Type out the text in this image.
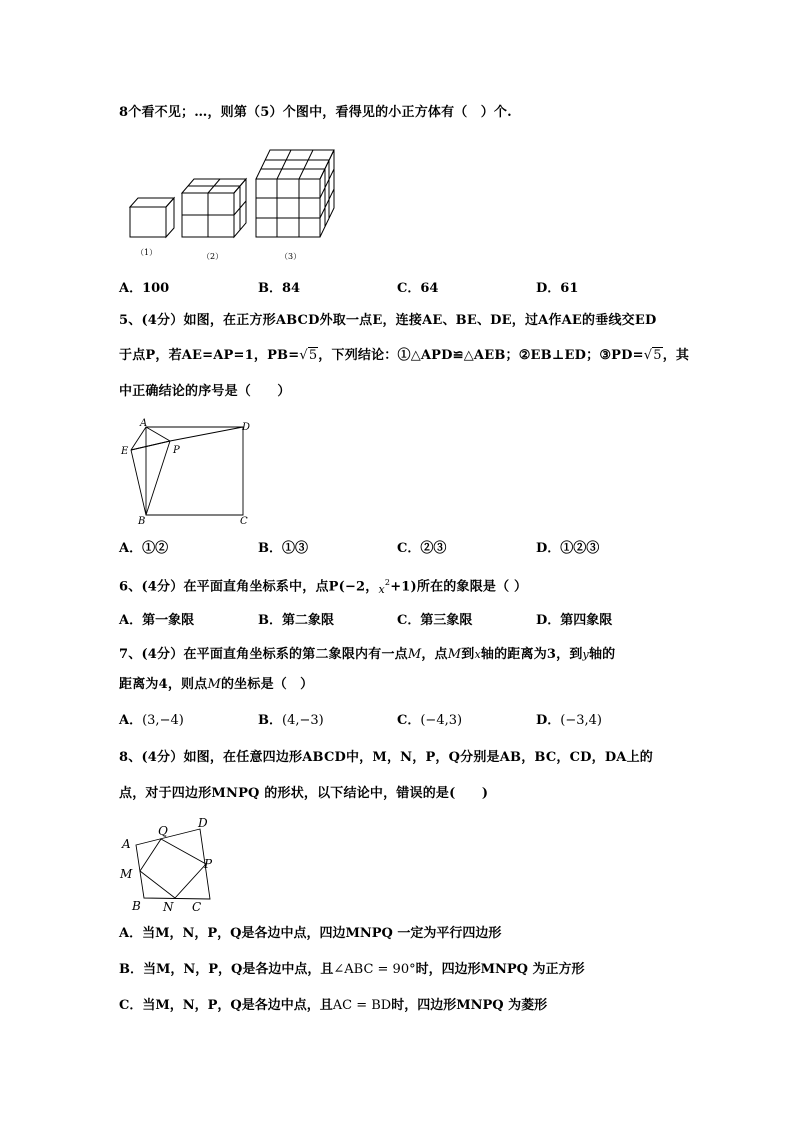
8个看不见；…，则第（5）个图中，看得见的小正方体有（　）个.
（1）	（2）	（3）
A．100	B．84	C．64	D．61
5、(4分）如图，在正方形ABCD外取一点E，连接AE、BE、DE，过A作AE的垂线交ED
于点P，若AE=AP=1，PB=√5，下列结论：①△APD≌△AEB；②EB⊥ED；③PD=√5，其
中正确结论的序号是（　　）
A	D
E	P
B	C
A．①②	B．①③	C．②③	D．①②③
6、(4分）在平面直角坐标系中，点P(−2，$_x^2$+1)所在的象限是（ ）
A．第一象限	B．第二象限	C．第三象限	D．第四象限
7、(4分）在平面直角坐标系的第二象限内有一点M，点M到x轴的距离为3，到y轴的
距离为4，则点M的坐标是（　）
A．(3,−4)	B．(4,−3)	C．(−4,3)	D．(−3,4)
8、(4分）如图，在任意四边形ABCD中，M，N，P，Q分别是AB，BC，CD，DA上的
点，对于四边形MNPQ 的形状，以下结论中，错误的是(　　)
A
Q
D
M
P
B N C
A．当M，N，P，Q是各边中点，四边MNPQ 一定为平行四边形
B．当M，N，P，Q是各边中点，且∠ABC = 90°时，四边形MNPQ 为正方形
C．当M，N，P，Q是各边中点，且AC = BD时，四边形MNPQ 为菱形
